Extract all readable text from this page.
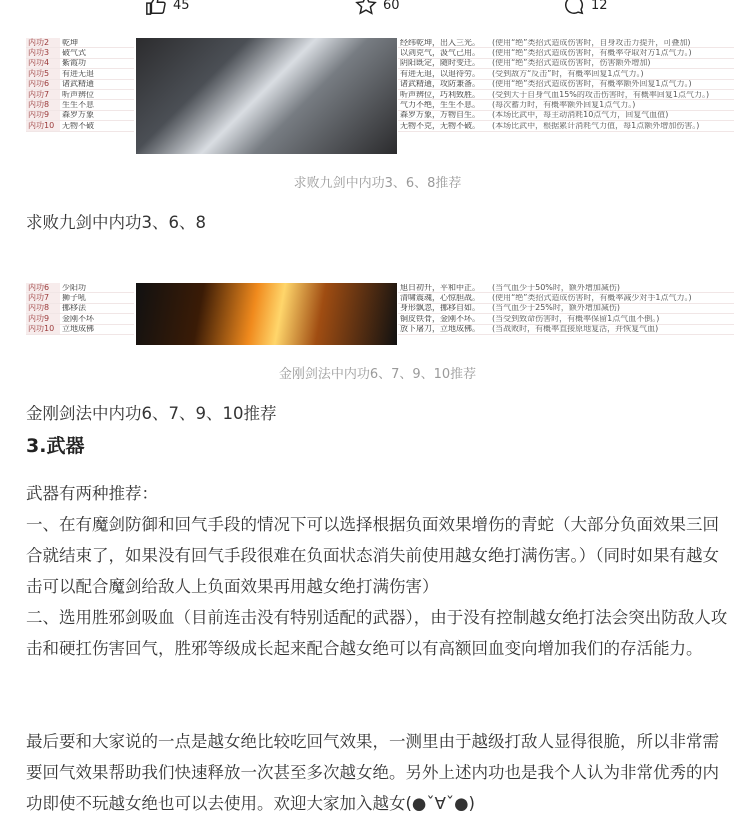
45	60	12
内功2	乾坤
内功3	破气式
内功4	紫霞功
内功5	有进无退
内功6	诸武精通
内功7	听声辨位
内功8	生生不息
内功9	森罗万象
内功10 无物不破
经纬乾坤，出入三光。	(使用“绝”类招式造成伤害时，自身攻击力提升，可叠加)
以剑克气，汲气己用。	(使用“绝”类招式造成伤害时，有概率夺取对方1点气力。)
阴阳既定，随时变迁。	(使用“绝”类招式造成伤害时，伤害额外增加)
有进无退，以退待劳。	(受到敌方“反击”时，有概率回复1点气力。)
诸武精通，攻防兼备。	(使用“绝”类招式造成伤害时，有概率额外回复1点气力。)
听声辨位，巧利致胜。	(受到大于自身气血15%的攻击伤害时，有概率回复1点气力。)
气力不绝，生生不息。	(每次蓄力时，有概率额外回复1点气力。)
森罗万象，万物自生。	(本场比武中，每主动消耗10点气力，回复气血值)
无物不克，无物不破。	(本场比武中，根据累计消耗气力值，每1点额外增加伤害。)
求败九剑中内功3、6、8推荐
求败九剑中内功3、6、8
内功6	少阳功
内功7	狮子吼
内功8	挪移法
内功9	金刚不坏
内功10 立地成佛
旭日初升，平和中正。	(当气血少于50%时，额外增加减伤)
清啸震魂，心惊胆战。	(使用“绝”类招式造成伤害时，有概率减少对手1点气力。)
身形飘忽，挪移自如。	(当气血少于25%时，额外增加减伤)
铜皮铁骨，金刚不坏。	(当受到致命伤害时，有概率保留1点气血不倒。)
放下屠刀，立地成佛。	(当战败时，有概率直接原地复活，并恢复气血)
金刚剑法中内功6、7、9、10推荐
金刚剑法中内功6、7、9、10推荐
3.武器
武器有两种推荐：
一、在有魔剑防御和回气手段的情况下可以选择根据负面效果增伤的青蛇（大部分负面效果三回合就结束了，如果没有回气手段很难在负面状态消失前使用越女绝打满伤害。）（同时如果有越女击可以配合魔剑给敌人上负面效果再用越女绝打满伤害）
二、选用胜邪剑吸血（目前连击没有特别适配的武器），由于没有控制越女绝打法会突出防敌人攻击和硬扛伤害回气，胜邪等级成长起来配合越女绝可以有高额回血变向增加我们的存活能力。
最后要和大家说的一点是越女绝比较吃回气效果，一测里由于越级打敌人显得很脆，所以非常需要回气效果帮助我们快速释放一次甚至多次越女绝。另外上述内功也是我个人认为非常优秀的内功即使不玩越女绝也可以去使用。欢迎大家加入越女(●ˇ∀ˇ●)
